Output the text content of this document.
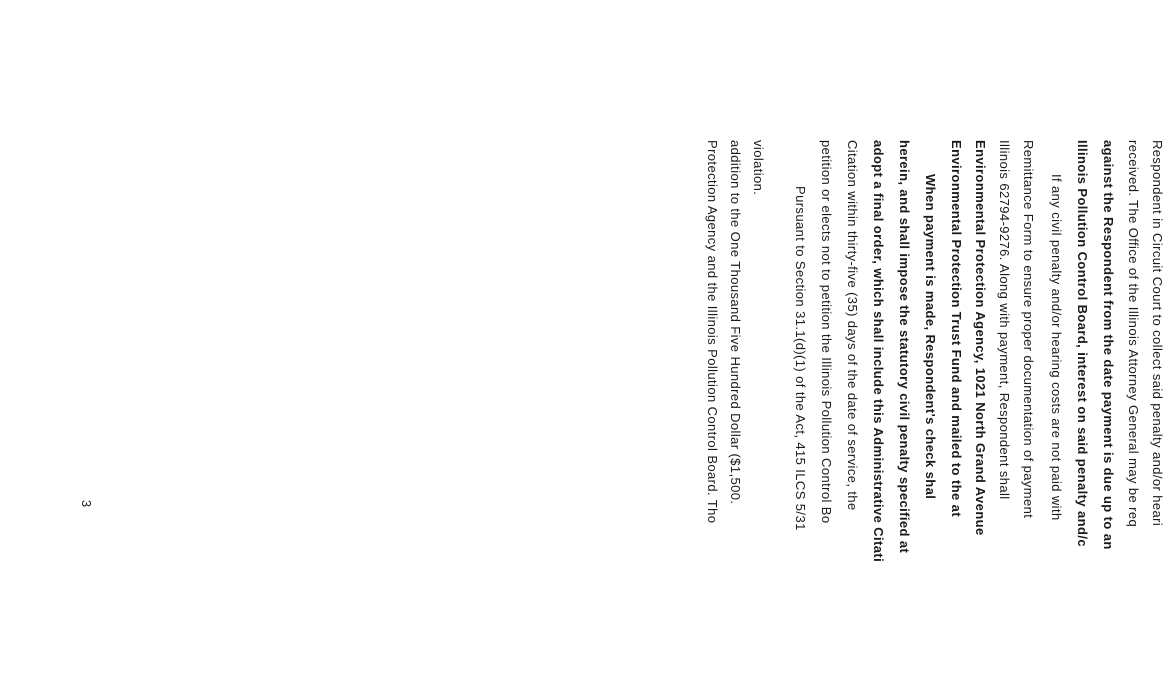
Protection Agency and the Illinois Pollution Control Board. Tho addition to the One Thousand Five Hundred Dollar ($1,500. violation.
Pursuant to Section 31.1(d)(1) of the Act, 415 ILCS 5/31 petition or elects not to petition the Illinois Pollution Control Bo Citation within thirty-five (35) days of the date of service, the adopt a final order, which shall include this Administrative Citati herein, and shall impose the statutory civil penalty specified at When payment is made, Respondent's check shal Environmental Protection Trust Fund and mailed to the at Environmental Protection Agency, 1021 North Grand Avenue Illinois 62794-9276. Along with payment, Respondent shall Remittance Form to ensure proper documentation of payment If any civil penalty and/or hearing costs are not paid with Illinois Pollution Control Board, interest on said penalty and/c against the Respondent from the date payment is due up to an received. The Office of the Illinois Attorney General may be req Respondent in Circuit Court to collect said penalty and/or heari
3
